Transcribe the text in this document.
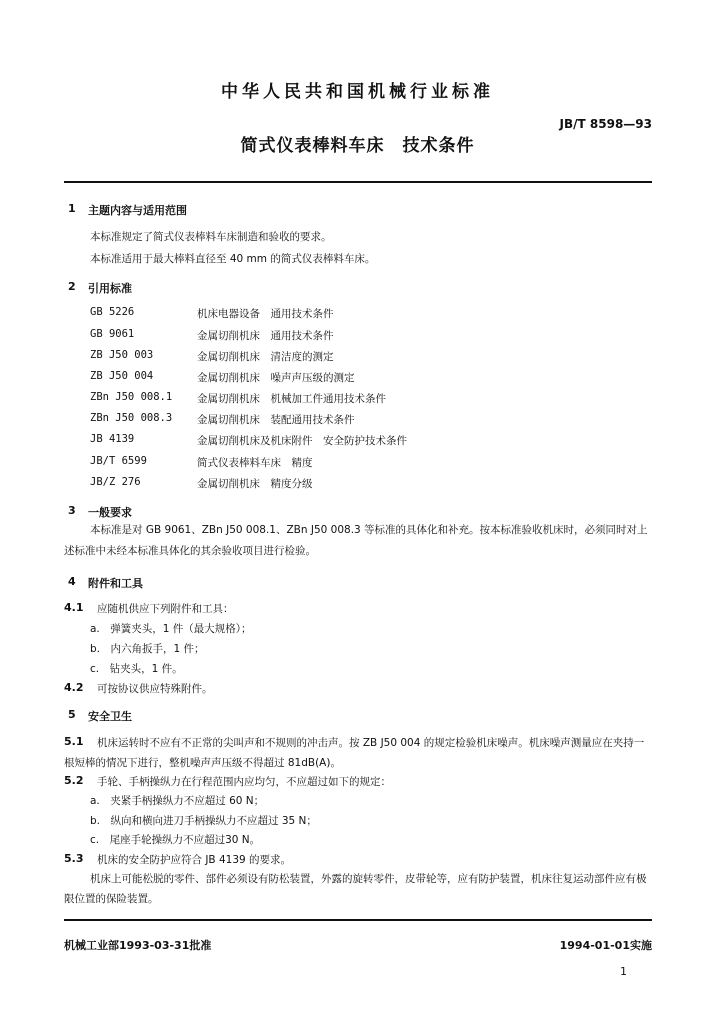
中华人民共和国机械行业标准
JB/T 8598—93
简式仪表棒料车床　技术条件
1 主题内容与适用范围
本标准规定了简式仪表棒料车床制造和验收的要求。
本标准适用于最大棒料直径至 40 mm 的简式仪表棒料车床。
2 引用标准
GB 5226	机床电器设备　通用技术条件
GB 9061	金属切削机床　通用技术条件
ZB J50 003	金属切削机床　清洁度的测定
ZB J50 004	金属切削机床　噪声声压级的测定
ZBn J50 008.1 金属切削机床　机械加工件通用技术条件
ZBn J50 008.3 金属切削机床　装配通用技术条件
JB 4139	金属切削机床及机床附件　安全防护技术条件
JB/T 6599	简式仪表棒料车床　精度
JB/Z 276	金属切削机床　精度分级
3 一般要求
本标准是对 GB 9061、ZBn J50 008.1、ZBn J50 008.3 等标准的具体化和补充。按本标准验收机床时，必须同时对上述标准中未经本标准具体化的其余验收项目进行检验。
4 附件和工具
4.1 应随机供应下列附件和工具：
a.　弹簧夹头，1 件（最大规格）；
b.　内六角扳手，1 件；
c.　钻夹头，1 件。
4.2 可按协议供应特殊附件。
5 安全卫生
5.1	机床运转时不应有不正常的尖叫声和不规则的冲击声。按 ZB J50 004 的规定检验机床噪声。机床噪声测量应在夹持一根短棒的情况下进行，整机噪声声压级不得超过 81dB(A)。
5.2 手轮、手柄操纵力在行程范围内应均匀，不应超过如下的规定：
a.　夹紧手柄操纵力不应超过 60 N；
b.　纵向和横向进刀手柄操纵力不应超过 35 N；
c.　尾座手轮操纵力不应超过30 N。
5.3 机床的安全防护应符合 JB 4139 的要求。
机床上可能松脱的零件、部件必须设有防松装置，外露的旋转零件，皮带轮等，应有防护装置，机床往复运动部件应有极限位置的保险装置。
机械工业部1993-03-31批准	1994-01-01实施
1
